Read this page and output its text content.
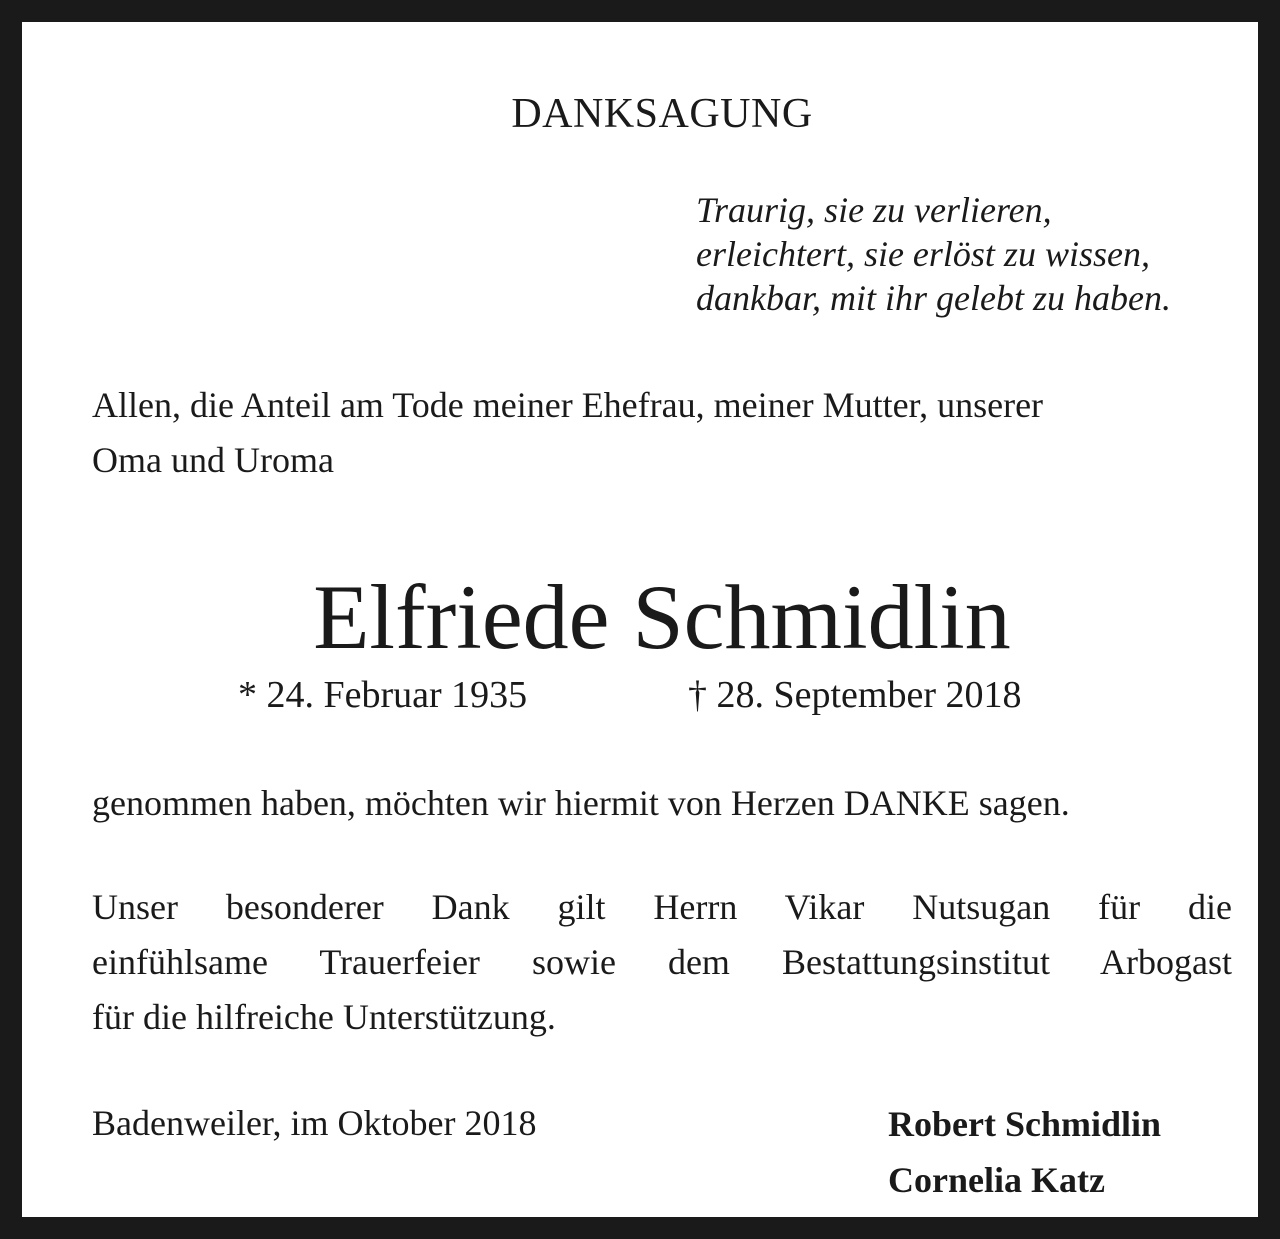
DANKSAGUNG
Traurig, sie zu verlieren,
erleichtert, sie erlöst zu wissen,
dankbar, mit ihr gelebt zu haben.
Allen, die Anteil am Tode meiner Ehefrau, meiner Mutter, unserer
Oma und Uroma
Elfriede Schmidlin
* 24. Februar 1935	† 28. September 2018
genommen haben, möchten wir hiermit von Herzen DANKE sagen.
Unser besonderer Dank gilt Herrn Vikar Nutsugan für die
einfühlsame Trauerfeier sowie dem Bestattungsinstitut Arbogast
für die hilfreiche Unterstützung.
Badenweiler, im Oktober 2018	Robert Schmidlin
Cornelia Katz
